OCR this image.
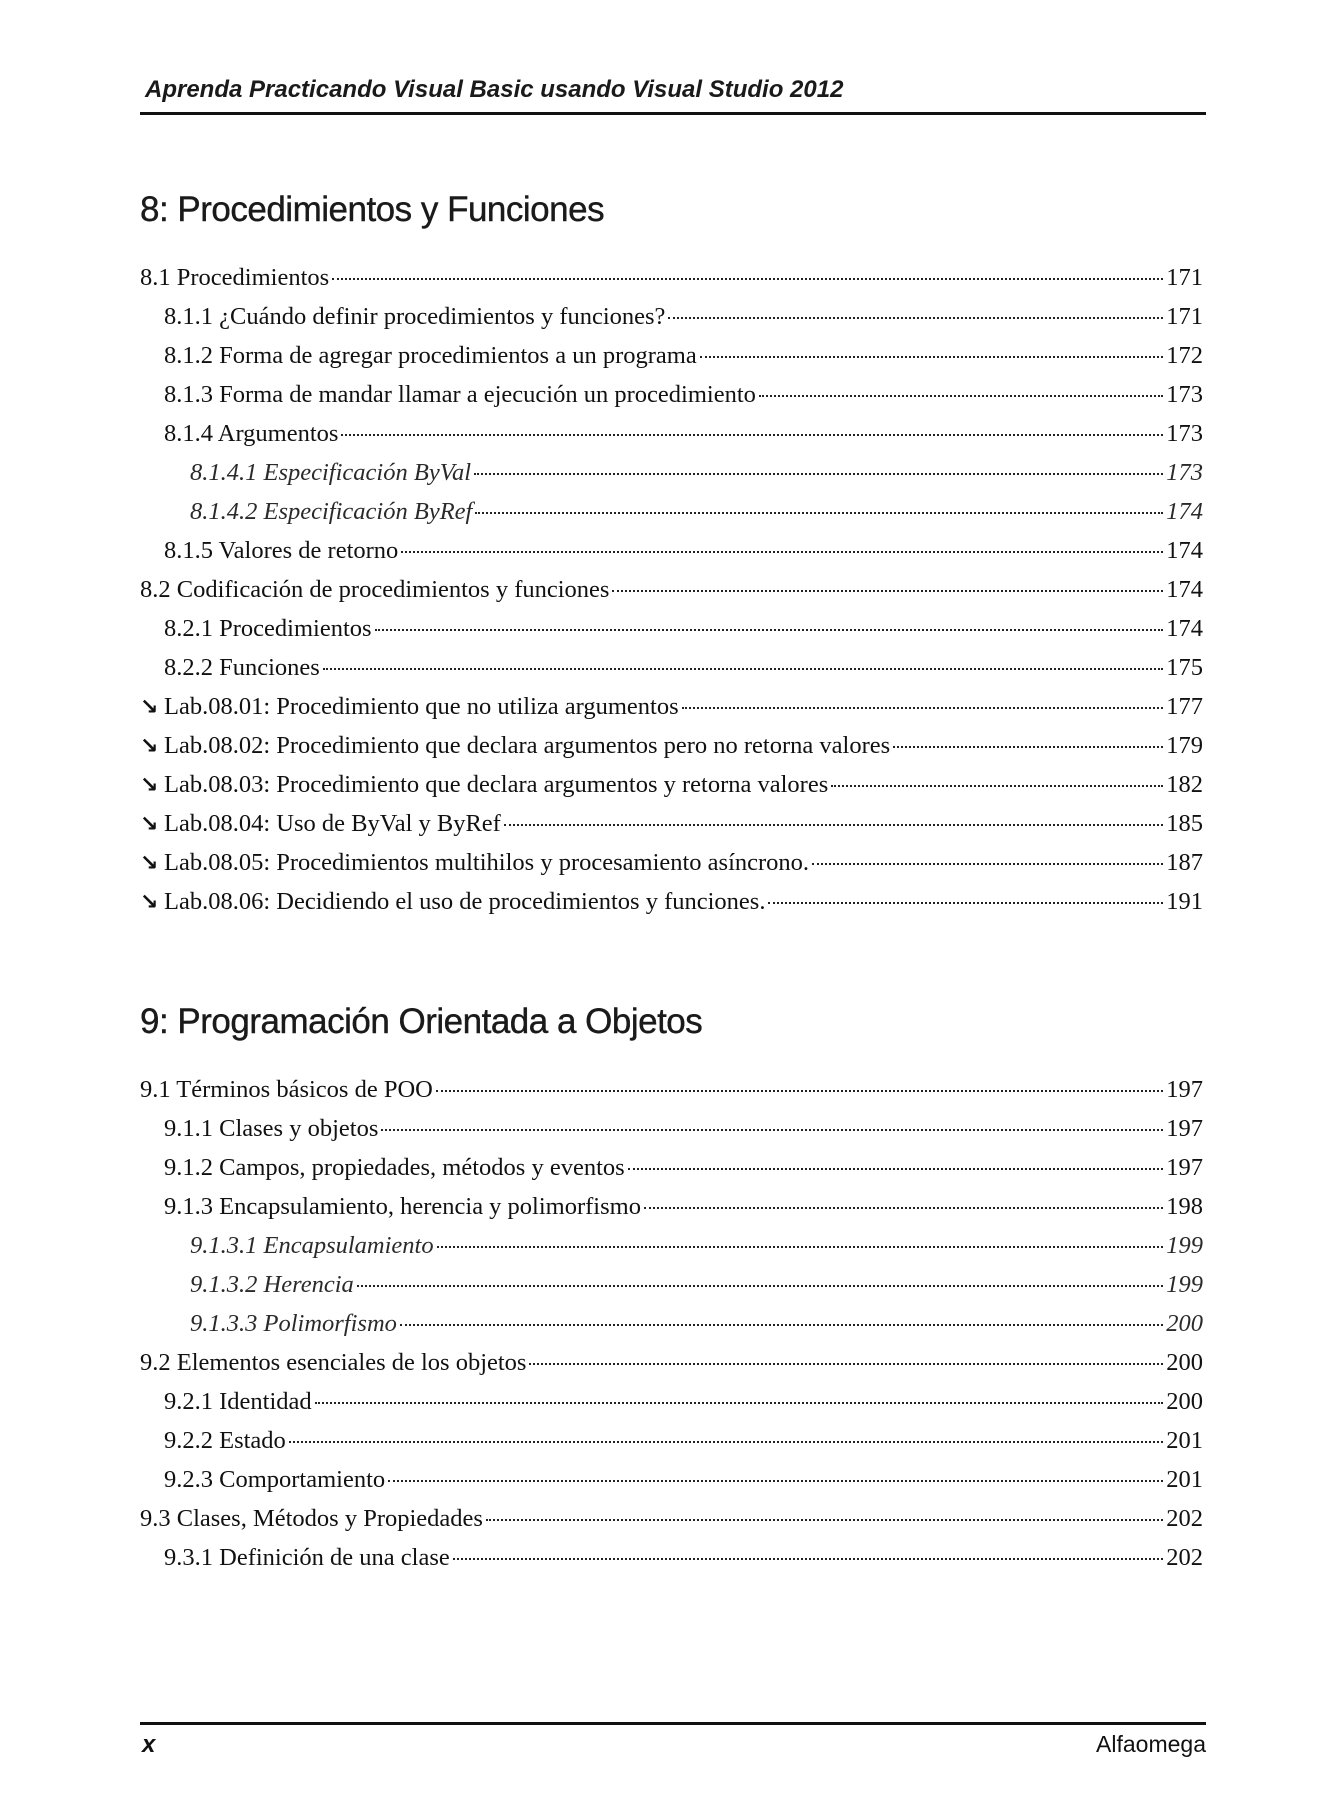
Aprenda Practicando Visual Basic usando Visual Studio 2012
8: Procedimientos y Funciones
8.1 Procedimientos	171
8.1.1 ¿Cuándo definir procedimientos y funciones?	171
8.1.2 Forma de agregar procedimientos a un programa	172
8.1.3 Forma de mandar llamar a ejecución un procedimiento	173
8.1.4 Argumentos	173
8.1.4.1 Especificación ByVal	173
8.1.4.2 Especificación ByRef	174
8.1.5 Valores de retorno	174
8.2 Codificación de procedimientos y funciones	174
8.2.1 Procedimientos	174
8.2.2 Funciones	175
↘ Lab.08.01: Procedimiento que no utiliza argumentos	177
↘ Lab.08.02: Procedimiento que declara argumentos pero no retorna valores	179
↘ Lab.08.03: Procedimiento que declara argumentos y retorna valores	182
↘ Lab.08.04: Uso de ByVal y ByRef	185
↘ Lab.08.05: Procedimientos multihilos y procesamiento asíncrono.	187
↘ Lab.08.06: Decidiendo el uso de procedimientos y funciones.	191
9: Programación Orientada a Objetos
9.1 Términos básicos de POO	197
9.1.1 Clases y objetos	197
9.1.2 Campos, propiedades, métodos y eventos	197
9.1.3 Encapsulamiento, herencia y polimorfismo	198
9.1.3.1 Encapsulamiento	199
9.1.3.2 Herencia	199
9.1.3.3 Polimorfismo	200
9.2 Elementos esenciales de los objetos	200
9.2.1 Identidad	200
9.2.2 Estado	201
9.2.3 Comportamiento	201
9.3 Clases, Métodos y Propiedades	202
9.3.1 Definición de una clase	202
x	Alfaomega
